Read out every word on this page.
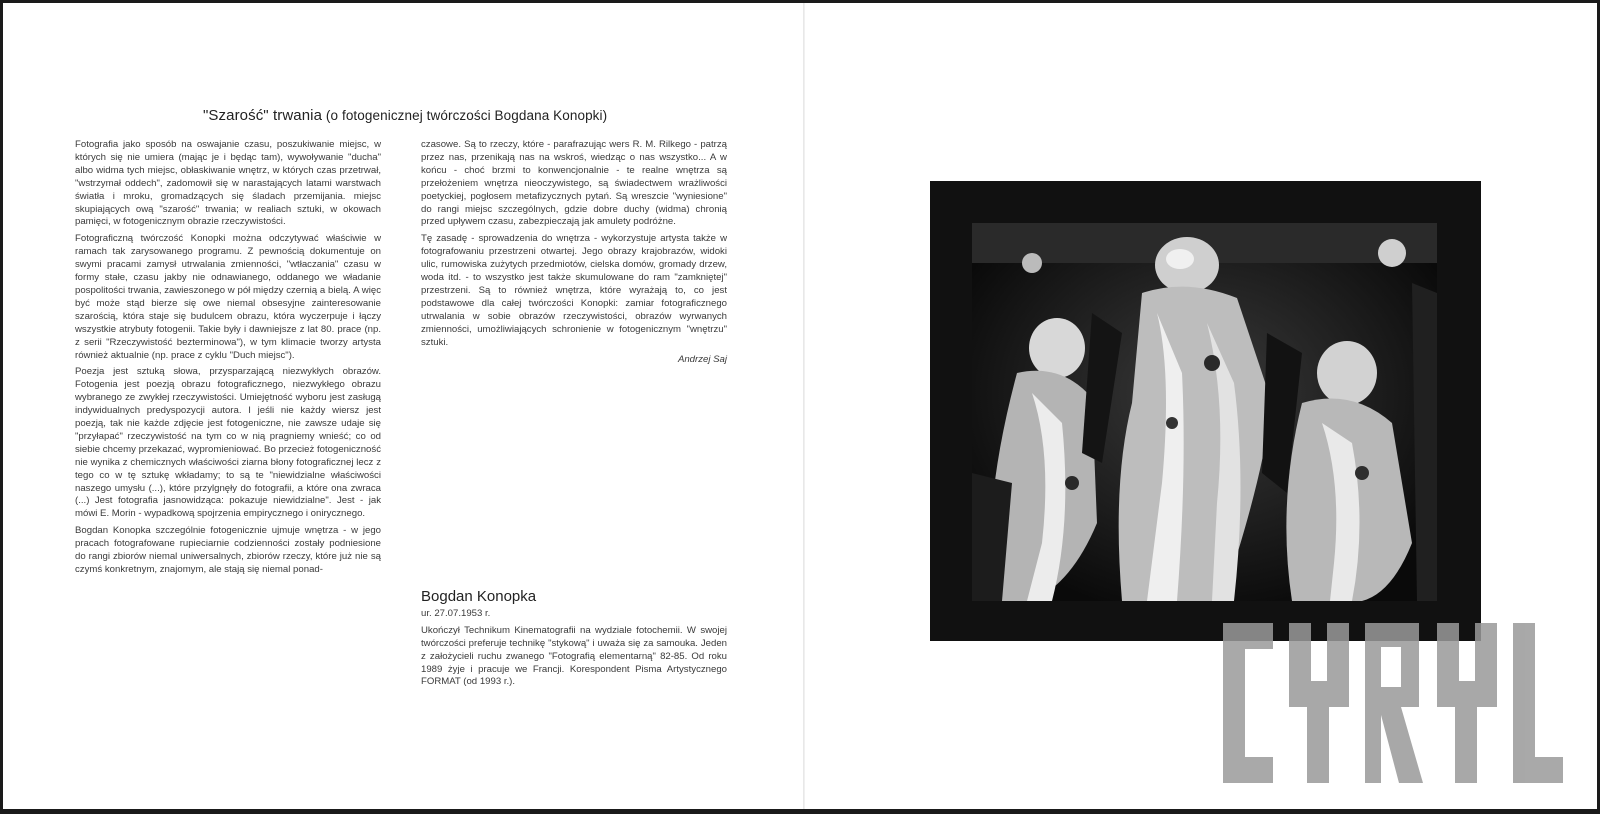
"Szarość" trwania (o fotogenicznej twórczości Bogdana Konopki)

Fotografia jako sposób na oswajanie czasu, poszukiwanie miejsc, w których się nie umiera (mając je i będąc tam), wywoływanie "ducha" albo widma tych miejsc, obłaskiwanie wnętrz, w których czas przetrwał, "wstrzymał oddech", zadomowił się w narastających latami warstwach światła i mroku, gromadzących się śladach przemijania. miejsc skupiających ową "szarość" trwania; w realiach sztuki, w okowach pamięci, w fotogenicznym obrazie rzeczywistości.

Fotograficzną twórczość Konopki można odczytywać właściwie w ramach tak zarysowanego programu. Z pewnością dokumentuje on swymi pracami zamysł utrwalania zmienności, "wtłaczania" czasu w formy stałe, czasu jakby nie odnawianego, oddanego we władanie pospolitości trwania, zawieszonego w pół między czernią a bielą. A więc być może stąd bierze się owe niemal obsesyjne zainteresowanie szarością, która staje się budulcem obrazu, która wyczerpuje i łączy wszystkie atrybuty fotogenii. Takie były i dawniejsze z lat 80. prace (np. z serii "Rzeczywistość bezterminowa"), w tym klimacie tworzy artysta również aktualnie (np. prace z cyklu "Duch miejsc").

Poezja jest sztuką słowa, przysparzającą niezwykłych obrazów. Fotogenia jest poezją obrazu fotograficznego, niezwykłego obrazu wybranego ze zwykłej rzeczywistości. Umiejętność wyboru jest zasługą indywidualnych predyspozycji autora. I jeśli nie każdy wiersz jest poezją, tak nie każde zdjęcie jest fotogeniczne, nie zawsze udaje się "przyłapać" rzeczywistość na tym co w nią pragniemy wnieść; co od siebie chcemy przekazać, wypromieniować. Bo przecież fotogeniczność nie wynika z chemicznych właściwości ziarna błony fotograficznej lecz z tego co w tę sztukę wkładamy; to są te "niewidzialne właściwości naszego umysłu (...), które przylgnęły do fotografii, a które ona zwraca (...) Jest fotografia jasnowidząca: pokazuje niewidzialne". Jest - jak mówi E. Morin - wypadkową spojrzenia empirycznego i onirycznego.

Bogdan Konopka szczególnie fotogenicznie ujmuje wnętrza - w jego pracach fotografowane rupieciarnie codzienności zostały podniesione do rangi zbiorów niemal uniwersalnych, zbiorów rzeczy, które już nie są czymś konkretnym, znajomym, ale stają się niemal ponad-

czasowe. Są to rzeczy, które - parafrazując wers R. M. Rilkego - patrzą przez nas, przenikają nas na wskroś, wiedząc o nas wszystko... A w końcu - choć brzmi to konwencjonalnie - te realne wnętrza są przełożeniem wnętrza nieoczywistego, są świadectwem wrażliwości poetyckiej, pogłosem metafizycznych pytań. Są wreszcie "wyniesione" do rangi miejsc szczególnych, gdzie dobre duchy (widma) chronią przed upływem czasu, zabezpieczają jak amulety podróżne.

Tę zasadę - sprowadzenia do wnętrza - wykorzystuje artysta także w fotografowaniu przestrzeni otwartej. Jego obrazy krajobrazów, widoki ulic, rumowiska zużytych przedmiotów, cielska domów, gromady drzew, woda itd. - to wszystko jest także skumulowane do ram "zamkniętej" przestrzeni. Są to również wnętrza, które wyrażają to, co jest podstawowe dla całej twórczości Konopki: zamiar fotograficznego utrwalania w sobie obrazów rzeczywistości, obrazów wyrwanych zmienności, umożliwiających schronienie w fotogenicznym "wnętrzu" sztuki.

Andrzej Saj
Bogdan Konopka
ur. 27.07.1953 r.
Ukończył Technikum Kinematografii na wydziale fotochemii. W swojej twórczości preferuje technikę "stykową" i uważa się za samouka. Jeden z założycieli ruchu zwanego "Fotografią elementarną" 82-85. Od roku 1989 żyje i pracuje we Francji. Korespondent Pisma Artystycznego FORMAT (od 1993 r.).
